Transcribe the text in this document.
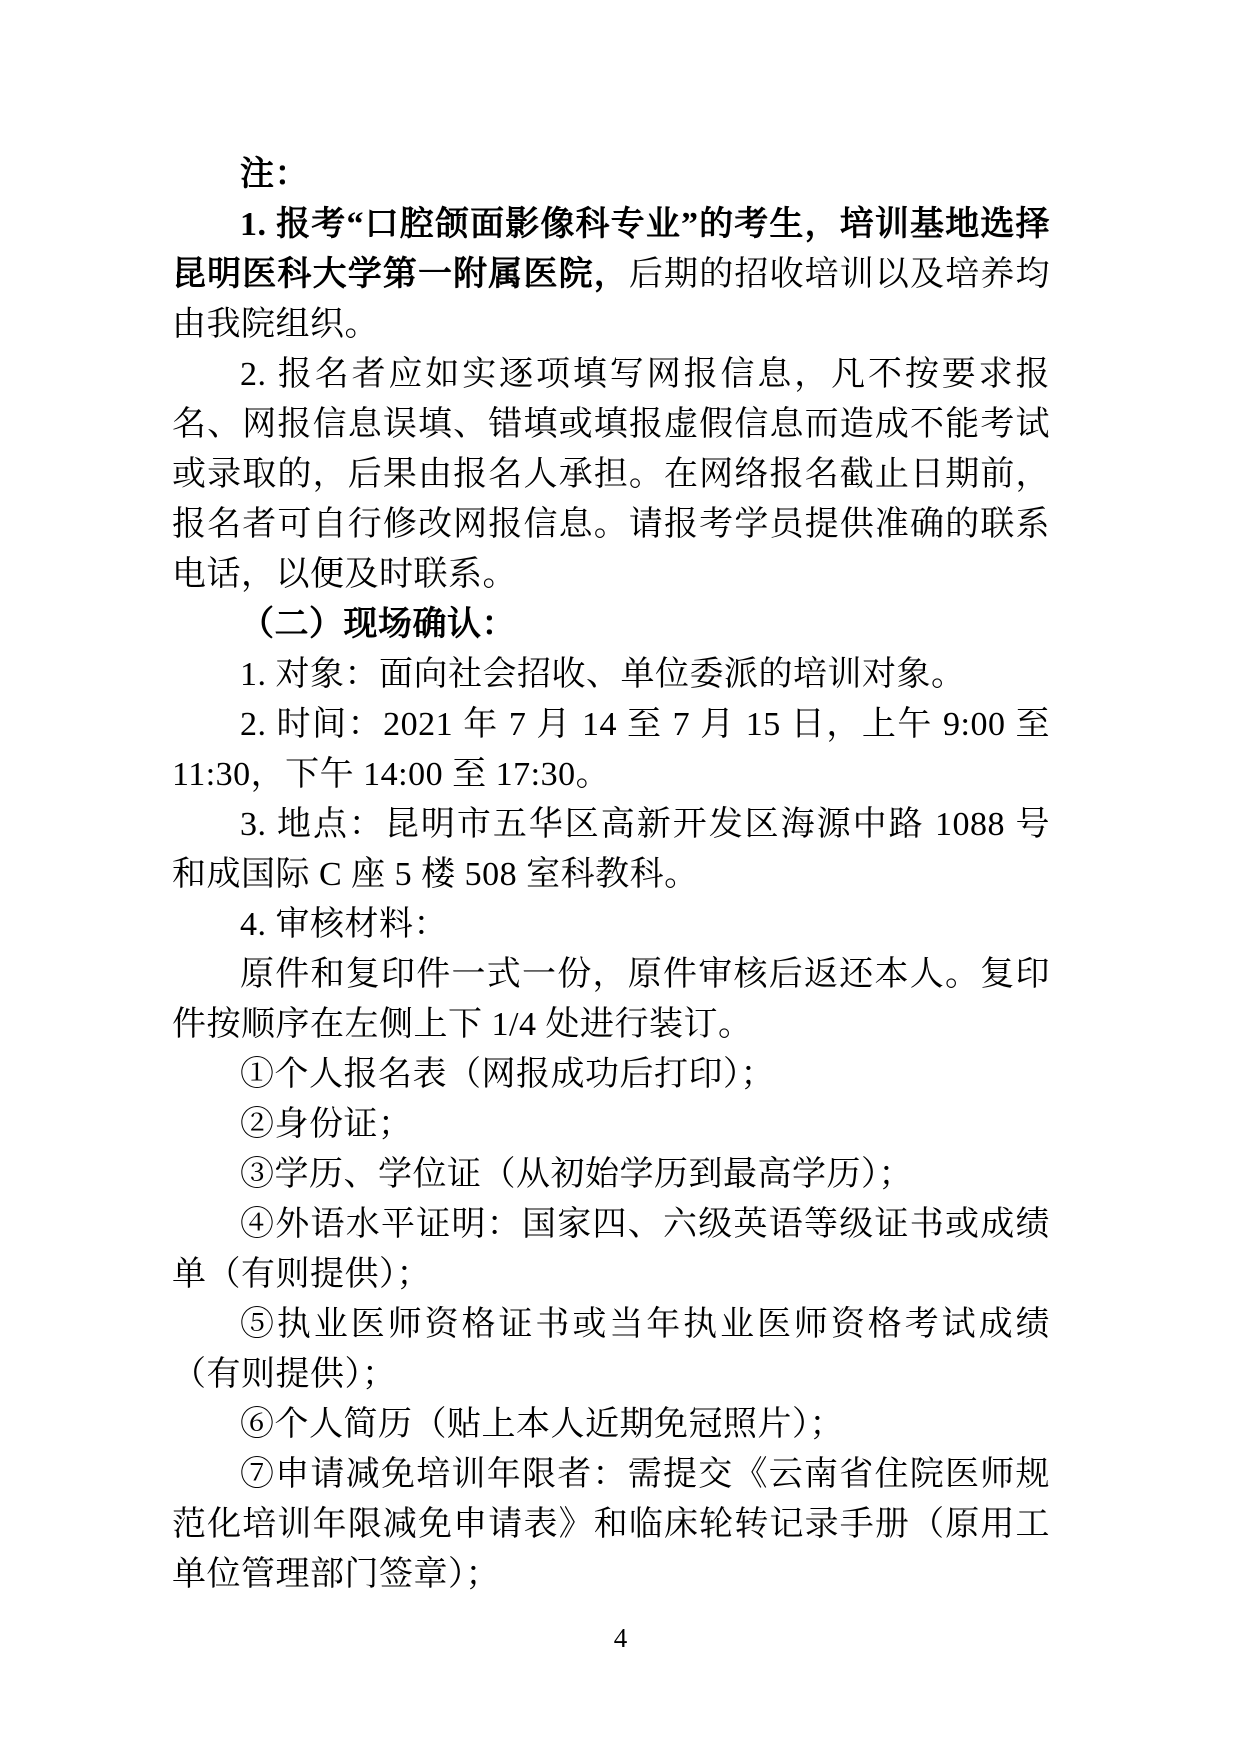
注：

1. 报考“口腔颌面影像科专业”的考生，培训基地选择昆明医科大学第一附属医院，后期的招收培训以及培养均由我院组织。

2. 报名者应如实逐项填写网报信息，凡不按要求报名、网报信息误填、错填或填报虚假信息而造成不能考试或录取的，后果由报名人承担。在网络报名截止日期前，报名者可自行修改网报信息。请报考学员提供准确的联系电话，以便及时联系。

（二）现场确认：

1. 对象：面向社会招收、单位委派的培训对象。

2. 时间：2021 年 7 月 14 至 7 月 15 日，上午 9:00 至 11:30，下午 14:00 至 17:30。

3. 地点：昆明市五华区高新开发区海源中路 1088 号和成国际 C 座 5 楼 508 室科教科。

4. 审核材料：

原件和复印件一式一份，原件审核后返还本人。复印件按顺序在左侧上下 1/4 处进行装订。

①个人报名表（网报成功后打印）；

②身份证；

③学历、学位证（从初始学历到最高学历）；

④外语水平证明：国家四、六级英语等级证书或成绩单（有则提供）；

⑤执业医师资格证书或当年执业医师资格考试成绩（有则提供）；

⑥个人简历（贴上本人近期免冠照片）；

⑦申请减免培训年限者：需提交《云南省住院医师规范化培训年限减免申请表》和临床轮转记录手册（原用工单位管理部门签章）；

4
